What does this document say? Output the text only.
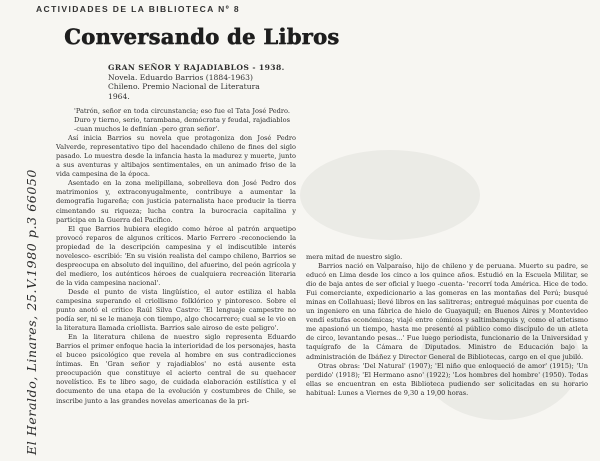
ACTIVIDADES DE LA BIBLIOTECA Nº 8
Conversando de Libros
GRAN SEÑOR Y RAJADIABLOS - 1938.
Novela. Eduardo Barrios (1884-1963)
Chileno. Premio Nacional de Literatura
1964.
El Heraldo, Linares, 25.V.1980 p.3 66050

'Patrón, señor en toda circunstancia; eso fue el Tata José Pedro. Duro y tierno, serio, tarambana, demócrata y feudal, rajadiablos -cuan muchos le definían -pero gran señor'.

Así inicia Barrios su novela que protagoniza don José Pedro Valverde, representativo tipo del hacendado chileno de fines del siglo pasado. Lo muestra desde la infancia hasta la madurez y muerte, junto a sus aventuras y altibajos sentimentales, en un animado friso de la vida campesina de la época.

Asentado en la zona melipillana, sobrelleva don José Pedro dos matrimonios y, extraconyugalmente, contribuye a aumentar la demografía lugareña; con justicia paternalista hace producir la tierra cimentando su riqueza; lucha contra la burocracia capitalina y participa en la Guerra del Pacífico.

El que Barrios hubiera elegido como héroe al patrón arquetipo provocó reparos de algunos críticos. Mario Ferrero -reconociendo la propiedad de la descripción campesina y el indiscutible interés novelesco- escribió: 'En su visión realista del campo chileno, Barrios se despreocupa en absoluto del inquilino, del afuerino, del peón agrícola y del mediero, los auténticos héroes de cualquiera recreación literaria de la vida campesina nacional'.

Desde el punto de vista lingüístico, el autor estiliza el habla campesina superando el criollismo folklórico y pintoresco. Sobre el punto anotó el crítico Raúl Silva Castro: 'El lenguaje campestre no podía ser, ni se le maneja con tiempo, algo chocarrero; cual se le vio en la literatura llamada criollista. Barrios sale airoso de este peligro'.

En la literatura chilena de nuestro siglo representa Eduardo Barrios el primer enfoque hacia la interioridad de los personajes, hasta el buceo psicológico que revela al hombre en sus contradicciones íntimas. En 'Gran señor y rajadiablos' no está ausente esta preocupación que constituye el acierto central de su quehacer novelístico. Es te libro sago, de cuidada elaboración estilística y el documento de una etapa de la evolución y costumbres de Chile, se inscribe junto a las grandes novelas americanas de la pri-

mera mitad de nuestro siglo.

Barrios nació en Valparaíso, hijo de chileno y de peruana. Muerto su padre, se educó en Lima desde los cinco a los quince años. Estudió en la Escuela Militar, se dio de baja antes de ser oficial y luego -cuenta- 'recorrí toda América. Hice de todo. Fui comerciante, expedicionario a las gomeras en las montañas del Perú; busqué minas en Collahuasi; llevé libros en las salitreras; entregué máquinas por cuenta de un ingeniero en una fábrica de hielo de Guayaquil; en Buenos Aires y Montevideo vendí estufas económicas; viajé entre cómicos y saltimbanquis y, como el atletismo me apasionó un tiempo, hasta me presenté al público como discípulo de un atleta de circo, levantando pesas...' Fue luego periodista, funcionario de la Universidad y taquígrafo de la Cámara de Diputados. Ministro de Educación bajo la administración de Ibáñez y Director General de Bibliotecas, cargo en el que jubiló.

Otras obras: 'Del Natural' (1907); 'El niño que enloqueció de amor' (1915); 'Un perdido' (1918); 'El Hermano asno' (1922); 'Los hombres del hombre' (1950). Todas ellas se encuentran en esta Biblioteca pudiendo ser solicitadas en su horario habitual: Lunes a Viernes de 9,30 a 19,00 horas.
